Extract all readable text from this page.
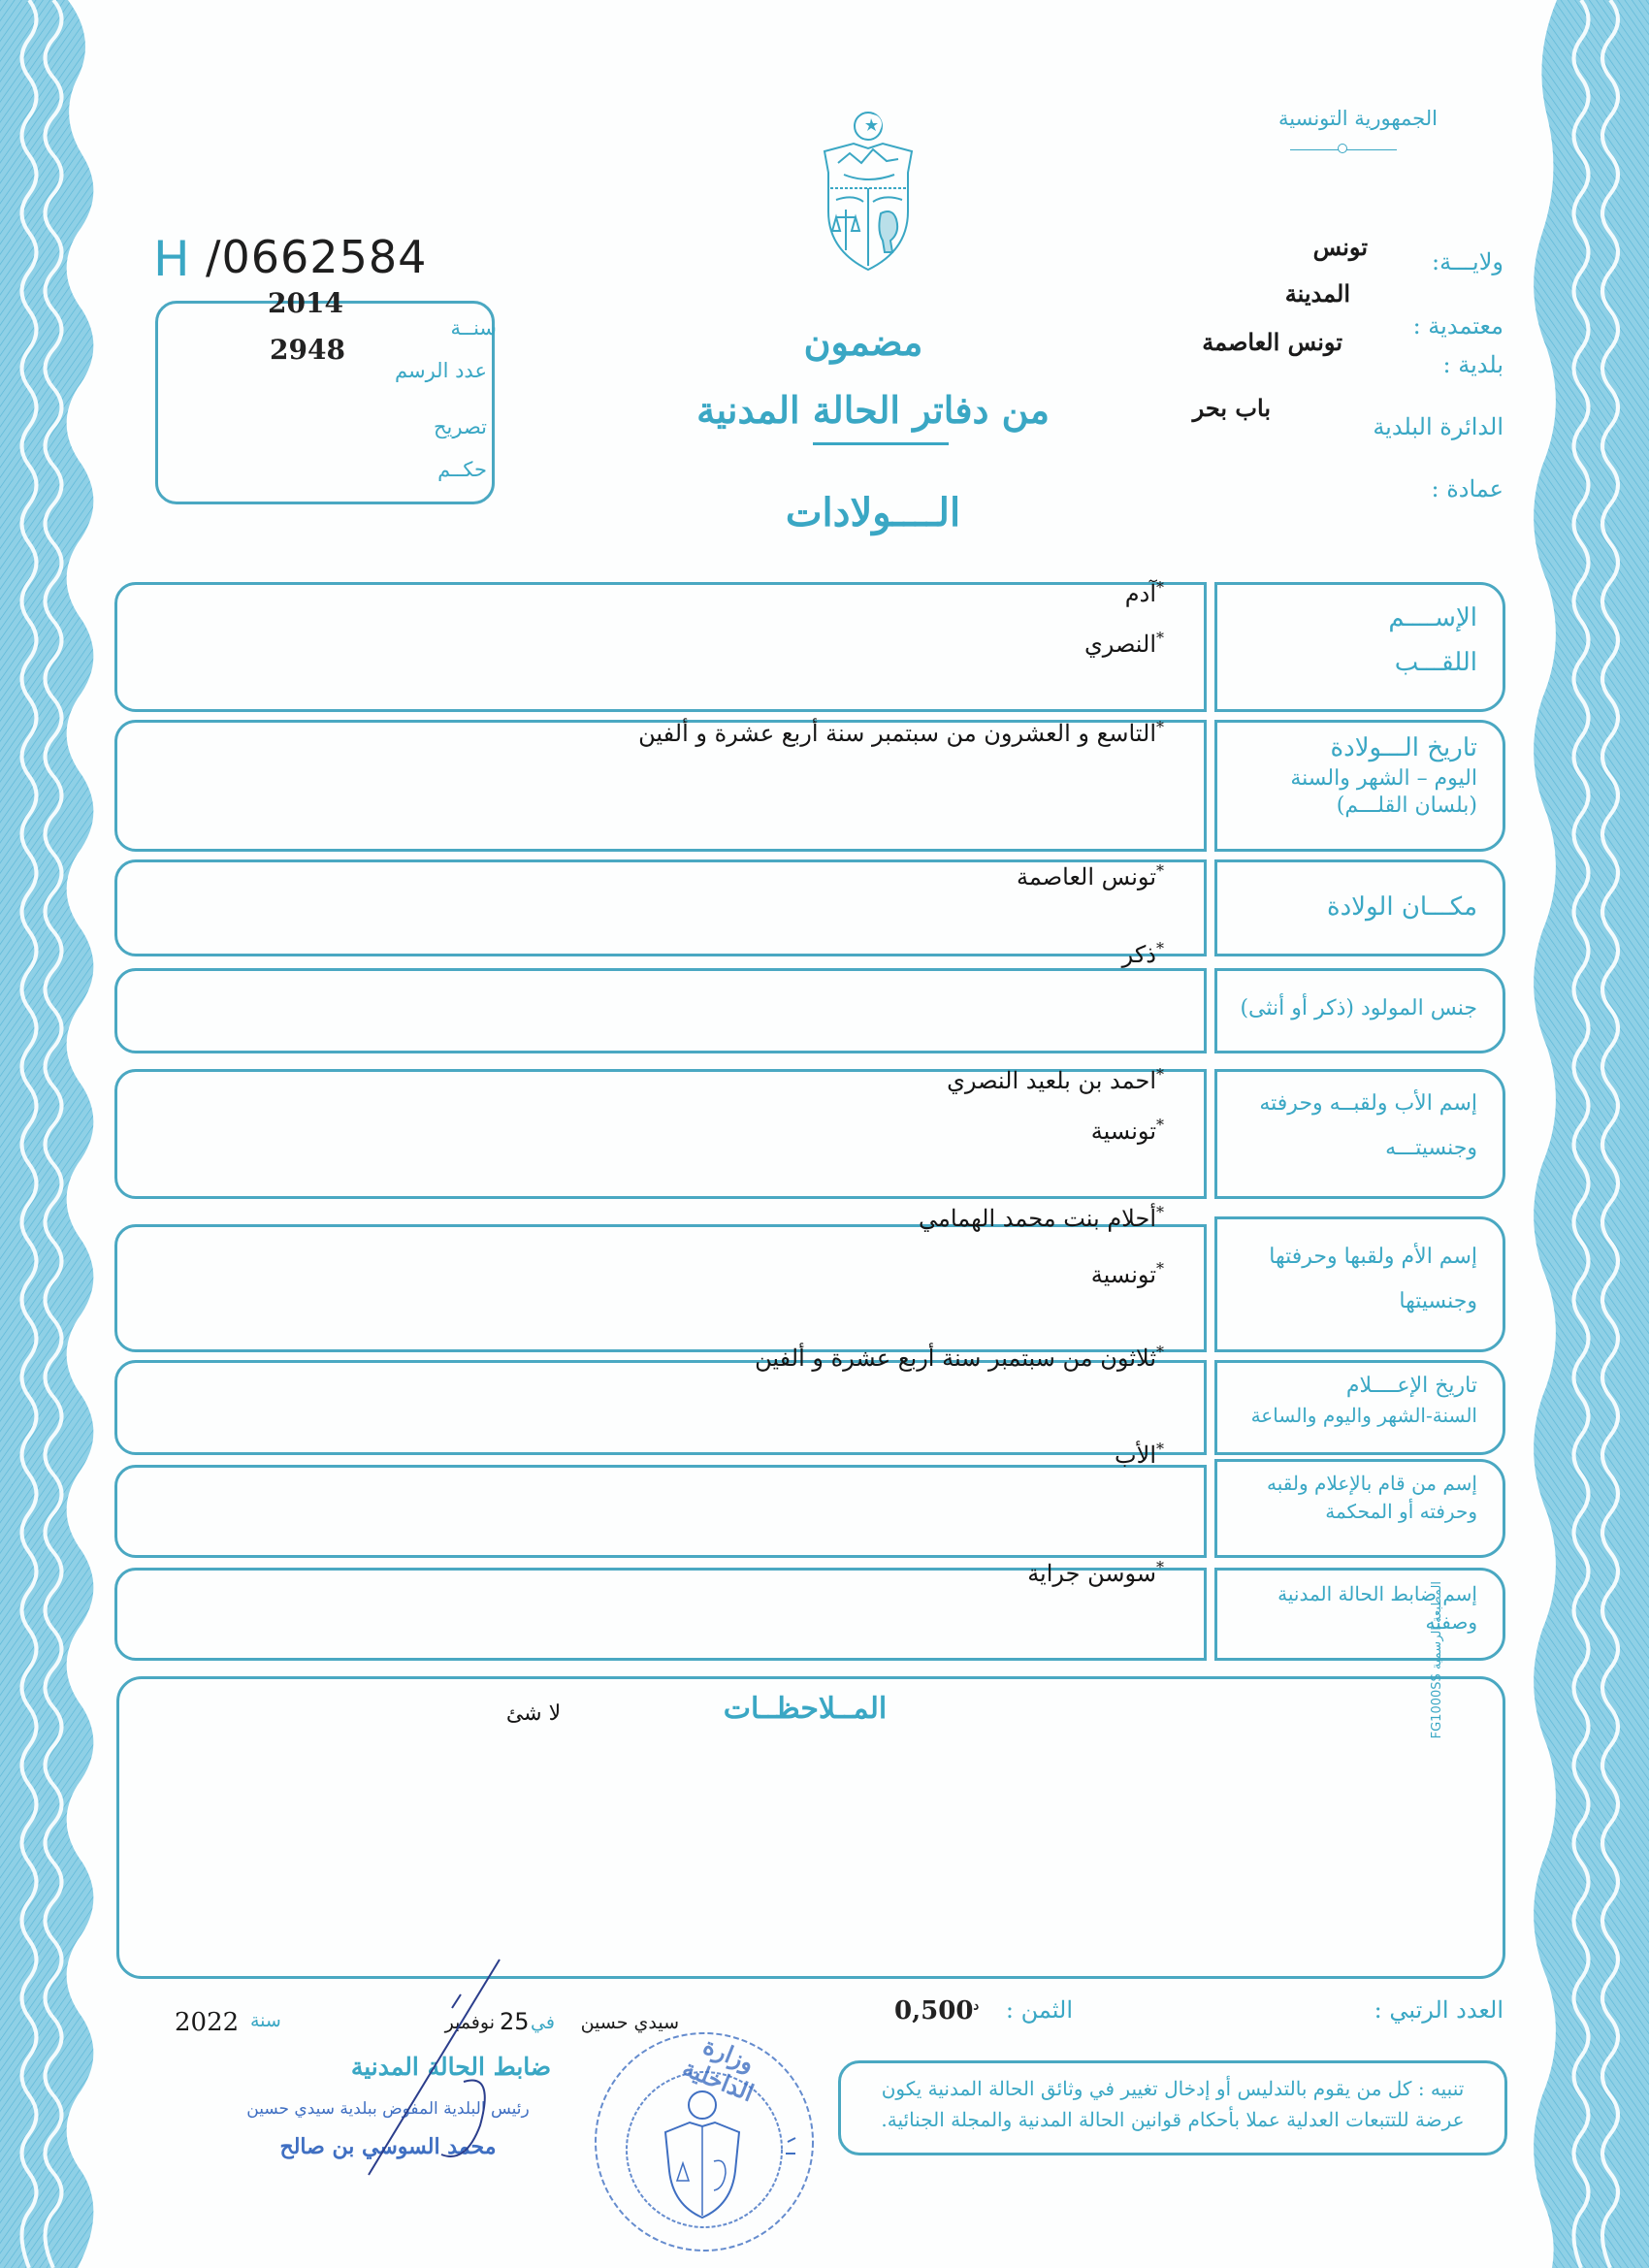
الجمهورية التونسية
ولايـــة:
تونس
معتمدية :
المدينة
بلدية :
تونس العاصمة
الدائرة البلدية
باب بحر
عمادة :
H /0662584
2014
2948
سنــة
عدد الرسم
تصريح
حكــم
مضمون
من دفاتر الحالة المدنية
الــــولادات
الإســــم
اللقـــب
*آدم
*النصري
تاريخ الـــولادة
اليوم – الشهر والسنة
(بلسان القلـــم)
*التاسع و العشرون من سبتمبر سنة أربع عشرة و ألفين
مكـــان الولادة
*تونس العاصمة
جنس المولود (ذكر أو أنثى)
*ذكر
إسم الأب ولقبــه وحرفته
وجنسيتـــه
*احمد بن بلعيد النصري
*تونسية
إسم الأم ولقبها وحرفتها
وجنسيتها
*أحلام بنت محمد الهمامي
*تونسية
تاريخ الإعــــلام
السنة-الشهر واليوم والساعة
*ثلاثون من سبتمبر سنة أربع عشرة و ألفين
إسم من قام بالإعلام ولقبه
وحرفته أو المحكمة
*الأب
إسم ضابط الحالة المدنية
وصفته
*سوسن جراية
المــلاحظــات
لا شئ	المطبعة الرسمية FG1000SS
العدد الرتبي :
الثمن :
$0,500^د$
سيدي حسين
في
25
نوفمبر
سنة
2022
ضابط الحالة المدنية
رئيس البلدية المفوض ببلدية سيدي حسين
محمد السوسي بن صالح
وزارة الداخلية	تنبيه : كل من يقوم بالتدليس أو إدخال تغيير في وثائق الحالة المدنية يكون عرضة للتتبعات العدلية عملا بأحكام قوانين الحالة المدنية والمجلة الجنائية.
